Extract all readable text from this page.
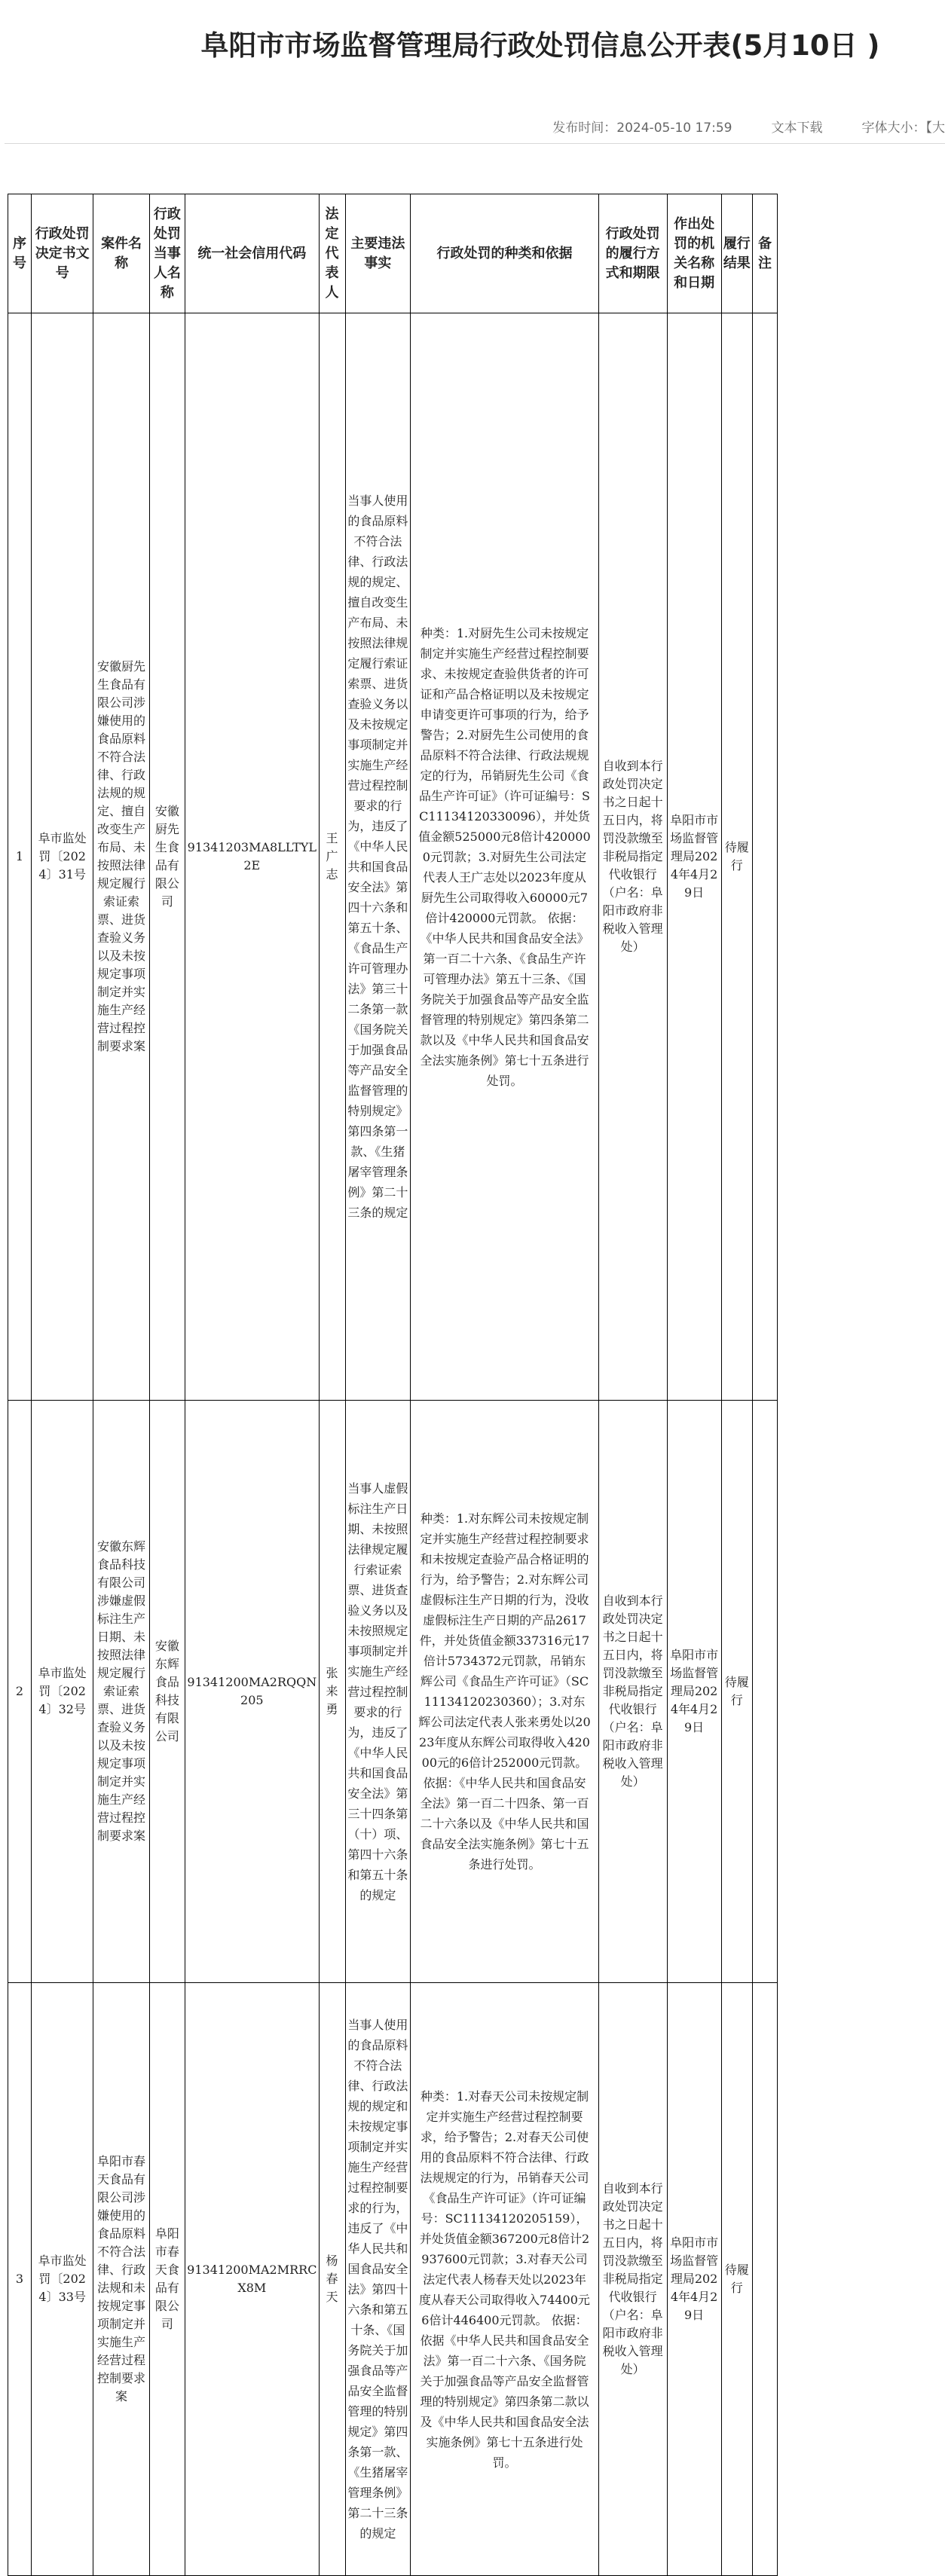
阜阳市市场监督管理局行政处罚信息公开表(5月10日 )
发布时间：2024-05-10 17:59	文本下载	字体大小：【大
序号	行政处罚决定书文号	案件名称	行政处罚当事人名称	统一社会信用代码	法定代表人	主要违法事实	行政处罚的种类和依据	行政处罚的履行方式和期限	作出处罚的机关名称和日期	履行结果	备注
1	阜市监处罚〔2024〕31号	安徽厨先生食品有限公司涉嫌使用的食品原料不符合法律、行政法规的规定、擅自改变生产布局、未按照法律规定履行索证索票、进货查验义务以及未按规定事项制定并实施生产经营过程控制要求案	安徽厨先生食品有限公司	91341203MA8LLTYL2E	王广志	当事人使用的食品原料不符合法律、行政法规的规定、擅自改变生产布局、未按照法律规定履行索证索票、进货查验义务以及未按规定事项制定并实施生产经营过程控制要求的行为，违反了《中华人民共和国食品安全法》第四十六条和第五十条、《食品生产许可管理办法》第三十二条第一款《国务院关于加强食品等产品安全监督管理的特别规定》第四条第一款、《生猪屠宰管理条例》第二十三条的规定	种类：1.对厨先生公司未按规定制定并实施生产经营过程控制要求、未按规定查验供货者的许可证和产品合格证明以及未按规定申请变更许可事项的行为，给予警告；2.对厨先生公司使用的食品原料不符合法律、行政法规规定的行为，吊销厨先生公司《食品生产许可证》（许可证编号：SC11134120330096），并处货值金额525000元8倍计4200000元罚款；3.对厨先生公司法定代表人王广志处以2023年度从厨先生公司取得收入60000元7倍计420000元罚款。 依据：《中华人民共和国食品安全法》第一百二十六条、《食品生产许可管理办法》第五十三条、《国务院关于加强食品等产品安全监督管理的特别规定》第四条第二款以及《中华人民共和国食品安全法实施条例》第七十五条进行处罚。	自收到本行政处罚决定书之日起十五日内，将罚没款缴至非税局指定代收银行（户名：阜阳市政府非税收入管理处）	阜阳市市场监督管理局2024年4月29日	待履行	
2	阜市监处罚〔2024〕32号	安徽东辉食品科技有限公司涉嫌虚假标注生产日期、未按照法律规定履行索证索票、进货查验义务以及未按规定事项制定并实施生产经营过程控制要求案	安徽东辉食品科技有限公司	91341200MA2RQQN205	张来勇	当事人虚假标注生产日期、未按照法律规定履行索证索票、进货查验义务以及未按照规定事项制定并实施生产经营过程控制要求的行为，违反了《中华人民共和国食品安全法》第三十四条第（十）项、第四十六条和第五十条的规定	种类：1.对东辉公司未按规定制定并实施生产经营过程控制要求和未按规定查验产品合格证明的行为，给予警告；2.对东辉公司虚假标注生产日期的行为，没收虚假标注生产日期的产品2617件，并处货值金额337316元17倍计5734372元罚款，吊销东辉公司《食品生产许可证》（SC11134120230360）；3.对东辉公司法定代表人张来勇处以2023年度从东辉公司取得收入42000元的6倍计252000元罚款。 依据：《中华人民共和国食品安全法》第一百二十四条、第一百二十六条以及《中华人民共和国食品安全法实施条例》第七十五条进行处罚。	自收到本行政处罚决定书之日起十五日内，将罚没款缴至非税局指定代收银行（户名：阜阳市政府非税收入管理处）	阜阳市市场监督管理局2024年4月29日	待履行	
3	阜市监处罚〔2024〕33号	阜阳市春天食品有限公司涉嫌使用的食品原料不符合法律、行政法规和未按规定事项制定并实施生产经营过程控制要求案	阜阳市春天食品有限公司	91341200MA2MRRCX8M	杨春天	当事人使用的食品原料不符合法律、行政法规的规定和未按规定事项制定并实施生产经营过程控制要求的行为，违反了《中华人民共和国食品安全法》第四十六条和第五十条、《国务院关于加强食品等产品安全监督管理的特别规定》第四条第一款、《生猪屠宰管理条例》第二十三条的规定	种类：1.对春天公司未按规定制定并实施生产经营过程控制要求，给予警告；2.对春天公司使用的食品原料不符合法律、行政法规规定的行为，吊销春天公司《食品生产许可证》（许可证编号：SC11134120205159），并处货值金额367200元8倍计2937600元罚款；3.对春天公司法定代表人杨春天处以2023年度从春天公司取得收入74400元6倍计446400元罚款。 依据：依据《中华人民共和国食品安全法》第一百二十六条、《国务院关于加强食品等产品安全监督管理的特别规定》第四条第二款以及《中华人民共和国食品安全法实施条例》第七十五条进行处罚。	自收到本行政处罚决定书之日起十五日内，将罚没款缴至非税局指定代收银行（户名：阜阳市政府非税收入管理处）	阜阳市市场监督管理局2024年4月29日	待履行	
